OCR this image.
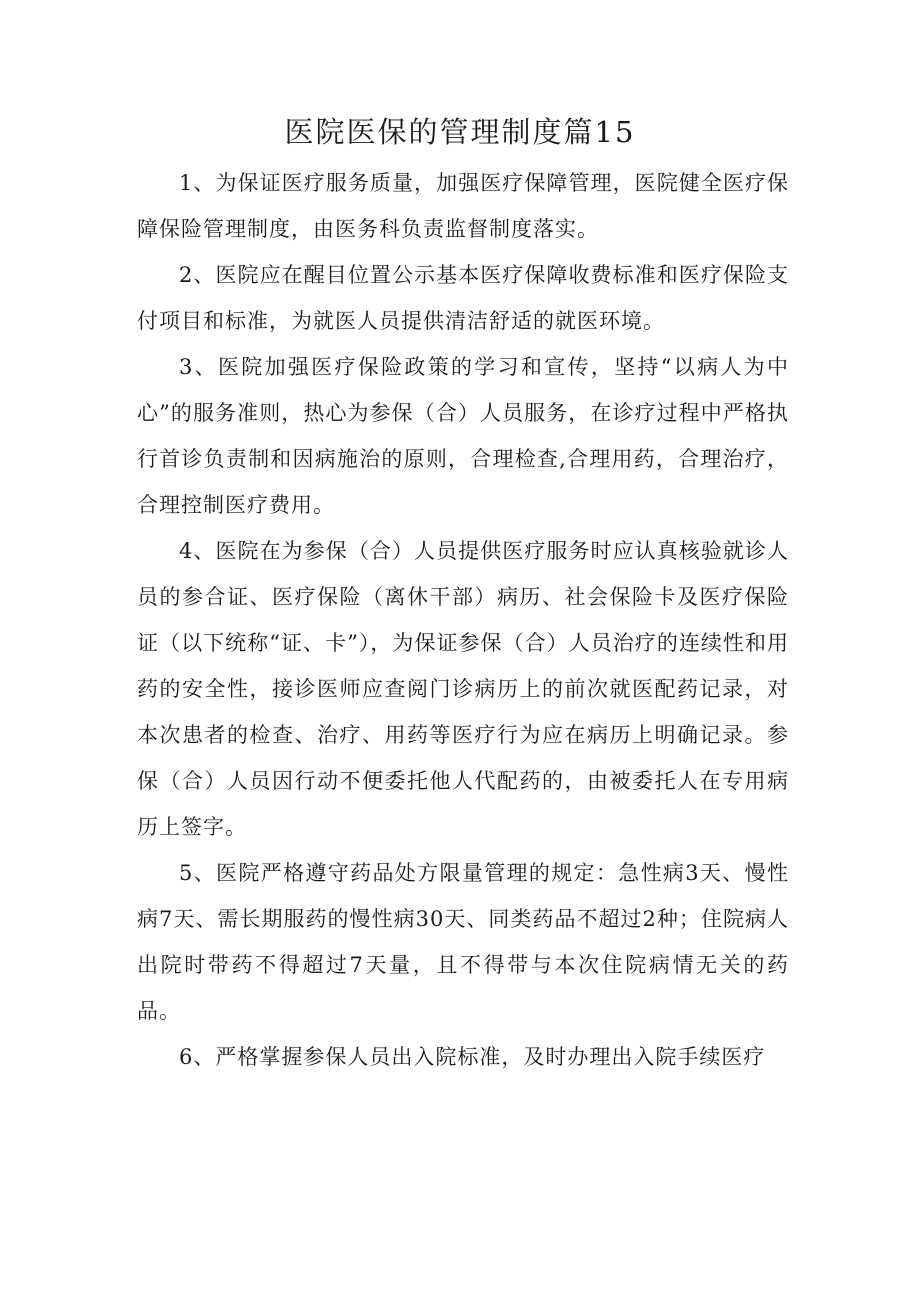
医院医保的管理制度篇15

1、为保证医疗服务质量，加强医疗保障管理，医院健全医疗保障保险管理制度，由医务科负责监督制度落实。

2、医院应在醒目位置公示基本医疗保障收费标准和医疗保险支付项目和标准，为就医人员提供清洁舒适的就医环境。

3、医院加强医疗保险政策的学习和宣传，坚持“以病人为中心”的服务准则，热心为参保（合）人员服务，在诊疗过程中严格执行首诊负责制和因病施治的原则，合理检查,合理用药，合理治疗，合理控制医疗费用。

4、医院在为参保（合）人员提供医疗服务时应认真核验就诊人员的参合证、医疗保险（离休干部）病历、社会保险卡及医疗保险证（以下统称“证、卡”），为保证参保（合）人员治疗的连续性和用药的安全性，接诊医师应查阅门诊病历上的前次就医配药记录，对本次患者的检查、治疗、用药等医疗行为应在病历上明确记录。参保（合）人员因行动不便委托他人代配药的，由被委托人在专用病历上签字。

5、医院严格遵守药品处方限量管理的规定：急性病3天、慢性病7天、需长期服药的慢性病30天、同类药品不超过2种；住院病人出院时带药不得超过7天量，且不得带与本次住院病情无关的药品。

6、严格掌握参保人员出入院标准，及时办理出入院手续医疗
